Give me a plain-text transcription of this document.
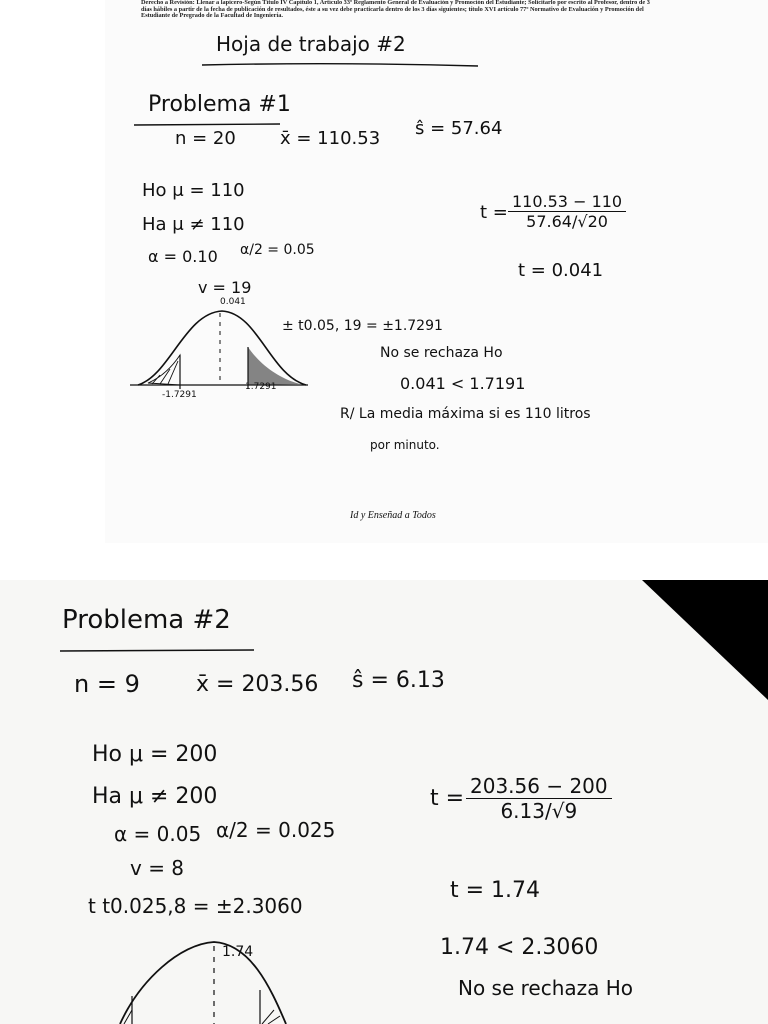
Derecho a Revisión: Llenar a lapicero-Según Título IV Capítulo 1, Artículo 33º Reglamento General de Evaluación y Promoción del Estudiante; Solicitarlo por escrito al Profesor, dentro de 3 días hábiles a partir de la fecha de publicación de resultados, éste a su vez debe practicarla dentro de los 3 días siguientes; título XVI artículo 77º Normativo de Evaluación y Promoción del Estudiante de Pregrado de la Facultad de Ingeniería.
Hoja de trabajo #2
Problema #1
n = 20 x̄ = 110.53 ŝ = 57.64
Ho μ = 110
Ha μ ≠ 110
α = 0.10 α/2 = 0.05
v = 19
$t = \frac{110.53 - 110}{57.64/√20}$
t = 0.041
0.041
-1.7291
1.7291
± t0.05, 19 = ±1.7291
No se rechaza Ho
0.041 < 1.7191
R/ La media máxima si es 110 litros
por minuto.
Id y Enseñad a Todos
Problema #2
n = 9	x̄ = 203.56 ŝ = 6.13
Ho μ = 200
Ha μ ≠ 200
α = 0.05 α/2 = 0.025
v = 8
t t0.025,8 = ±2.3060
$t = \frac{203.56 - 200}{6.13/√9}$
t = 1.74
1.74 < 2.3060
No se rechaza Ho
1.74
